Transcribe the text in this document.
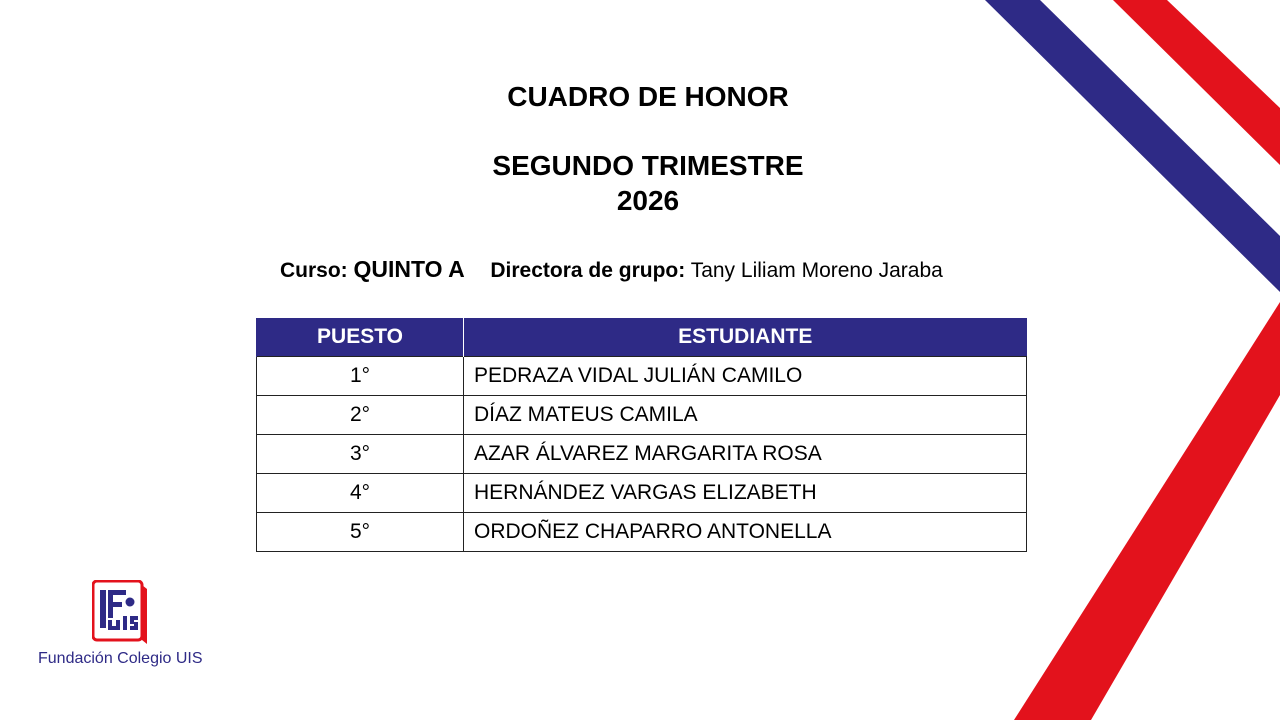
CUADRO DE HONOR
SEGUNDO TRIMESTRE
2026
Curso: QUINTO A Directora de grupo: Tany Liliam Moreno Jaraba
PUESTO	ESTUDIANTE
1°	PEDRAZA VIDAL JULIÁN CAMILO
2°	DÍAZ MATEUS CAMILA
3°	AZAR ÁLVAREZ MARGARITA ROSA
4°	HERNÁNDEZ VARGAS ELIZABETH
5°	ORDOÑEZ CHAPARRO ANTONELLA
Fundación Colegio UIS
